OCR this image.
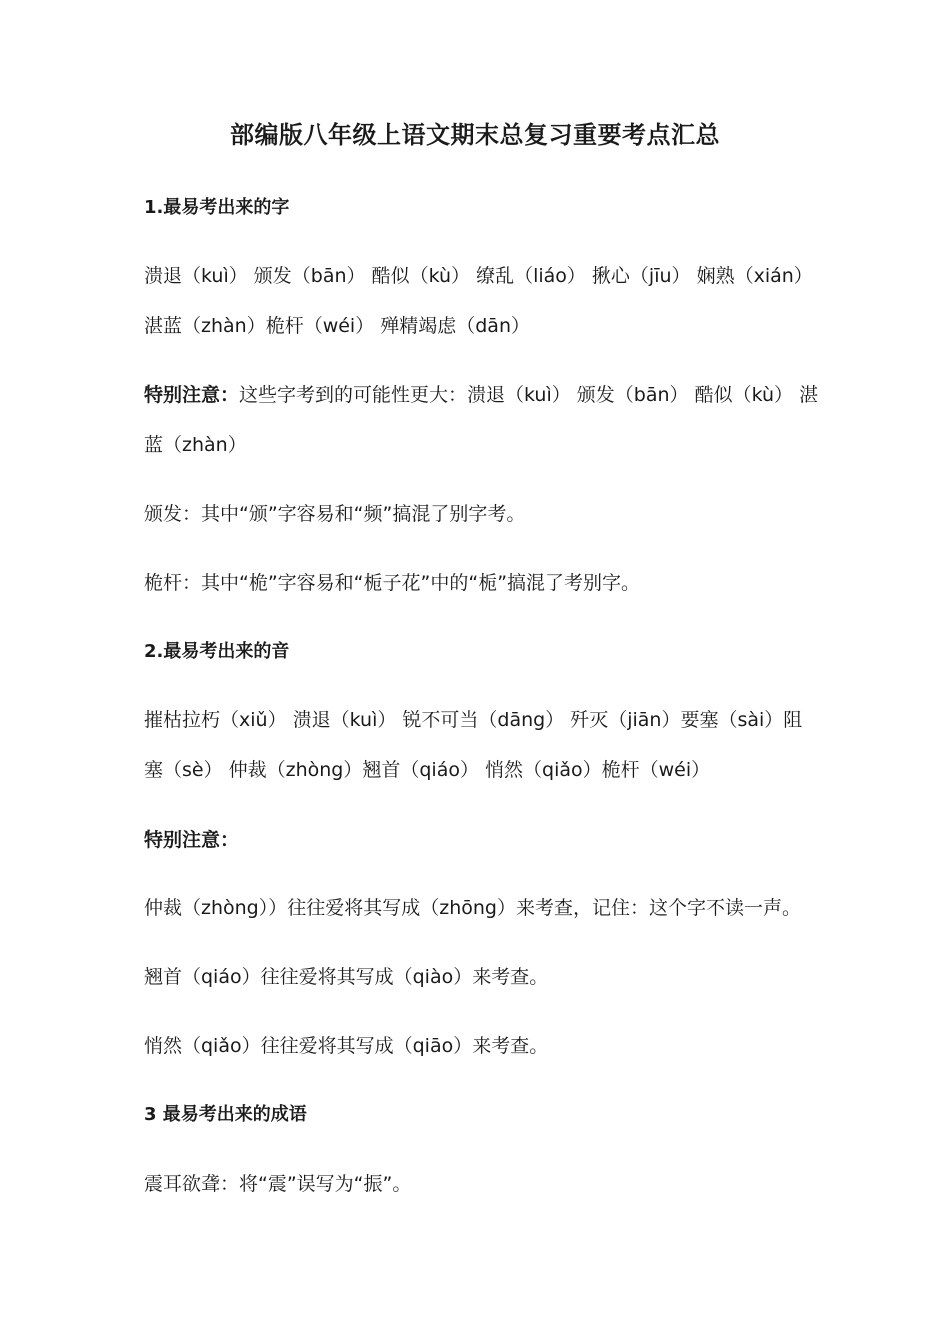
部编版八年级上语文期末总复习重要考点汇总
1.最易考出来的字
溃退（kuì） 颁发（bān） 酷似（kù） 缭乱（liáo） 揪心（jīu） 娴熟（xián）
湛蓝（zhàn）桅杆（wéi） 殚精竭虑（dān）
特别注意：这些字考到的可能性更大：溃退（kuì） 颁发（bān） 酷似（kù） 湛
蓝（zhàn）
颁发：其中“颁”字容易和“频”搞混了别字考。
桅杆：其中“桅”字容易和“栀子花”中的“栀”搞混了考别字。
2.最易考出来的音
摧枯拉朽（xiǔ） 溃退（kuì） 锐不可当（dāng） 歼灭（jiān）要塞（sài）阻
塞（sè） 仲裁（zhòng）翘首（qiáo） 悄然（qiǎo）桅杆（wéi）
特别注意：
仲裁（zhòng））往往爱将其写成（zhōng）来考查，记住：这个字不读一声。
翘首（qiáo）往往爱将其写成（qiào）来考查。
悄然（qiǎo）往往爱将其写成（qiāo）来考查。
3 最易考出来的成语
震耳欲聋：将“震”误写为“振”。
